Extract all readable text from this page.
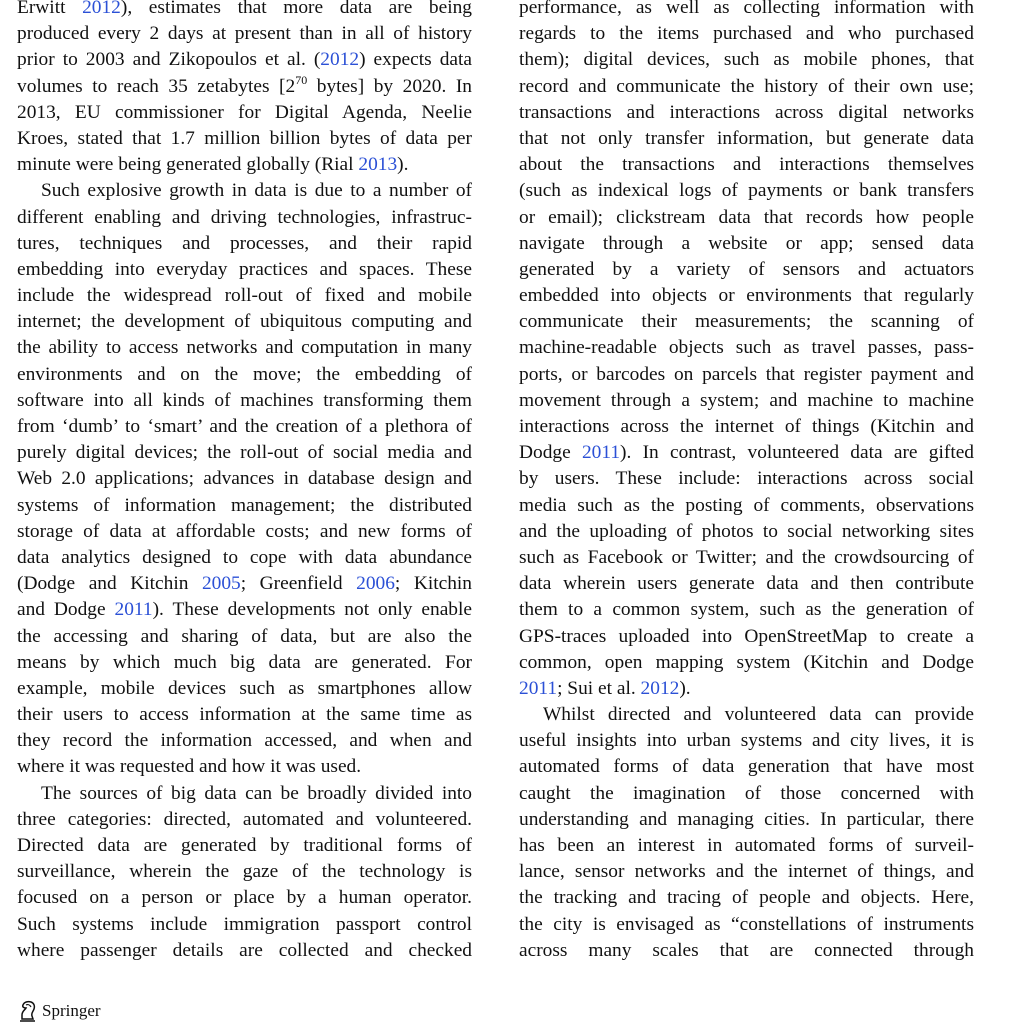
Erwitt 2012), estimates that more data are being
produced every 2 days at present than in all of history
prior to 2003 and Zikopoulos et al. (2012) expects data
volumes to reach 35 zetabytes [$2^{70}$ bytes] by 2020. In
2013, EU commissioner for Digital Agenda, Neelie
Kroes, stated that 1.7 million billion bytes of data per
minute were being generated globally (Rial 2013).
Such explosive growth in data is due to a number of
different enabling and driving technologies, infrastruc-
tures, techniques and processes, and their rapid
embedding into everyday practices and spaces. These
include the widespread roll-out of fixed and mobile
internet; the development of ubiquitous computing and
the ability to access networks and computation in many
environments and on the move; the embedding of
software into all kinds of machines transforming them
from ‘dumb’ to ‘smart’ and the creation of a plethora of
purely digital devices; the roll-out of social media and
Web 2.0 applications; advances in database design and
systems of information management; the distributed
storage of data at affordable costs; and new forms of
data analytics designed to cope with data abundance
(Dodge and Kitchin 2005; Greenfield 2006; Kitchin
and Dodge 2011). These developments not only enable
the accessing and sharing of data, but are also the
means by which much big data are generated. For
example, mobile devices such as smartphones allow
their users to access information at the same time as
they record the information accessed, and when and
where it was requested and how it was used.
The sources of big data can be broadly divided into
three categories: directed, automated and volunteered.
Directed data are generated by traditional forms of
surveillance, wherein the gaze of the technology is
focused on a person or place by a human operator.
Such systems include immigration passport control
where passenger details are collected and checked
performance, as well as collecting information with
regards to the items purchased and who purchased
them); digital devices, such as mobile phones, that
record and communicate the history of their own use;
transactions and interactions across digital networks
that not only transfer information, but generate data
about the transactions and interactions themselves
(such as indexical logs of payments or bank transfers
or email); clickstream data that records how people
navigate through a website or app; sensed data
generated by a variety of sensors and actuators
embedded into objects or environments that regularly
communicate their measurements; the scanning of
machine-readable objects such as travel passes, pass-
ports, or barcodes on parcels that register payment and
movement through a system; and machine to machine
interactions across the internet of things (Kitchin and
Dodge 2011). In contrast, volunteered data are gifted
by users. These include: interactions across social
media such as the posting of comments, observations
and the uploading of photos to social networking sites
such as Facebook or Twitter; and the crowdsourcing of
data wherein users generate data and then contribute
them to a common system, such as the generation of
GPS-traces uploaded into OpenStreetMap to create a
common, open mapping system (Kitchin and Dodge
2011; Sui et al. 2012).
Whilst directed and volunteered data can provide
useful insights into urban systems and city lives, it is
automated forms of data generation that have most
caught the imagination of those concerned with
understanding and managing cities. In particular, there
has been an interest in automated forms of surveil-
lance, sensor networks and the internet of things, and
the tracking and tracing of people and objects. Here,
the city is envisaged as “constellations of instruments
across many scales that are connected through
Springer
